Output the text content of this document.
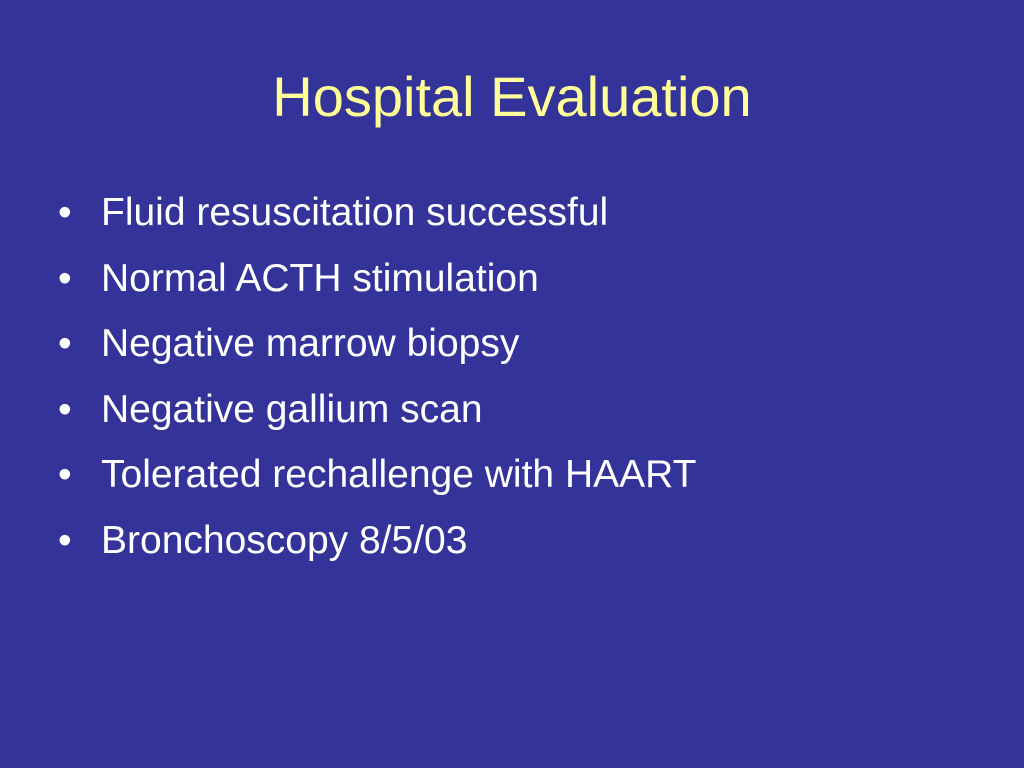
Hospital Evaluation
• Fluid resuscitation successful
• Normal ACTH stimulation
• Negative marrow biopsy
• Negative gallium scan
• Tolerated rechallenge with HAART
• Bronchoscopy 8/5/03
